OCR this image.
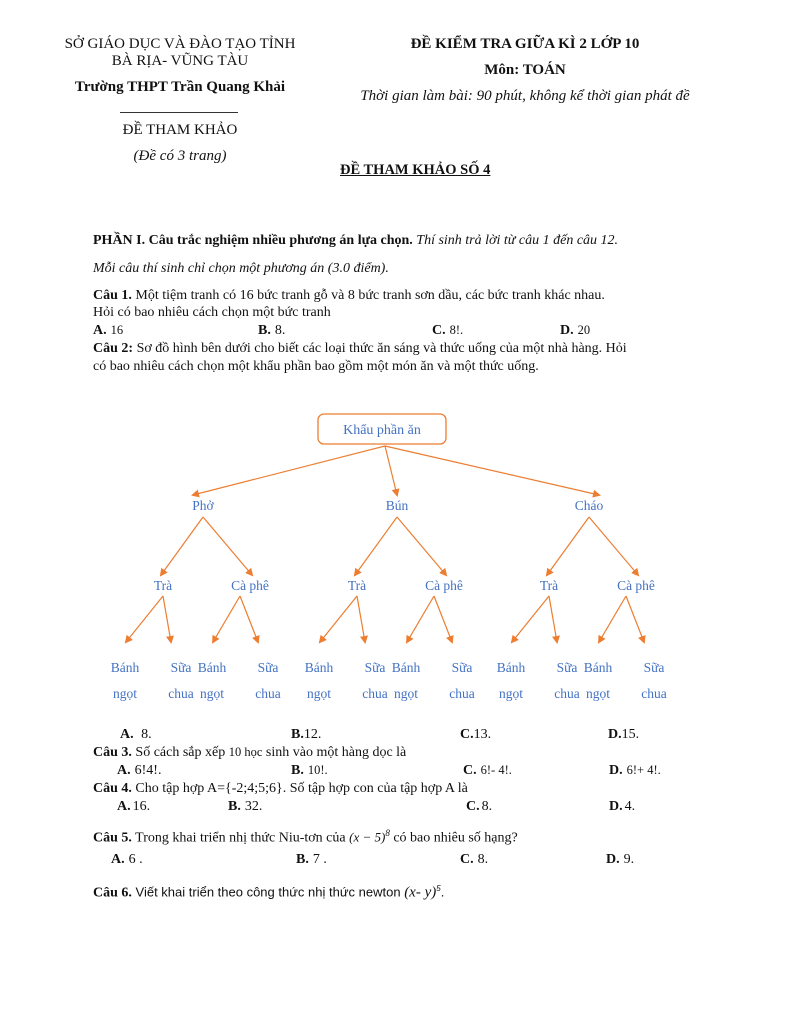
SỞ GIÁO DỤC VÀ ĐÀO TẠO TỈNH
BÀ RỊA- VŨNG TÀU
Trường THPT Trần Quang Khải
ĐỀ THAM KHẢO
(Đề có 3 trang)
ĐỀ KIỂM TRA GIỮA KÌ 2 LỚP 10
Môn: TOÁN
Thời gian làm bài: 90 phút, không kể thời gian phát đề
ĐỀ THAM KHẢO SỐ 4
PHẦN I. Câu trắc nghiệm nhiều phương án lựa chọn. Thí sinh trả lời từ câu 1 đến câu 12.
Mỗi câu thí sinh chỉ chọn một phương án (3.0 điểm).
Câu 1. Một tiệm tranh có 16 bức tranh gỗ và 8 bức tranh sơn dầu, các bức tranh khác nhau.
Hỏi có bao nhiêu cách chọn một bức tranh
A. 16	B. 8.	C. 8!.	D. 20
Câu 2: Sơ đồ hình bên dưới cho biết các loại thức ăn sáng và thức uống của một nhà hàng. Hỏi
có bao nhiêu cách chọn một khẩu phần bao gồm một món ăn và một thức uống.
Khẩu phần ăn
Phở
Trà
Bánh
ngọt
Sữa
chua
Cà phê
Bánh
ngọt
Sữa
chua
Bún
Trà
Bánh
ngọt
Sữa
chua
Cà phê
Bánh
ngọt
Sữa
chua
Cháo
Trà
Bánh
ngọt
Sữa
chua
Cà phê
Bánh
ngọt
Sữa
chua
A. 8.	B.12.	C.13.	D.15.
Câu 3. Số cách sắp xếp 10 học sinh vào một hàng dọc là
A. 6!4!.	B. 10!.	C. 6!- 4!.	D. 6!+ 4!.
Câu 4. Cho tập hợp A={-2;4;5;6}. Số tập hợp con của tập hợp A là
A. 16.	B. 32.	C. 8.	D. 4.
Câu 5. Trong khai triển nhị thức Niu-tơn của $(x - 5)^8$ có bao nhiêu số hạng?
A. 6 .	B. 7 .	C. 8.	D. 9.
Câu 6. Viết khai triển theo công thức nhị thức newton (x- y)$^5$.
